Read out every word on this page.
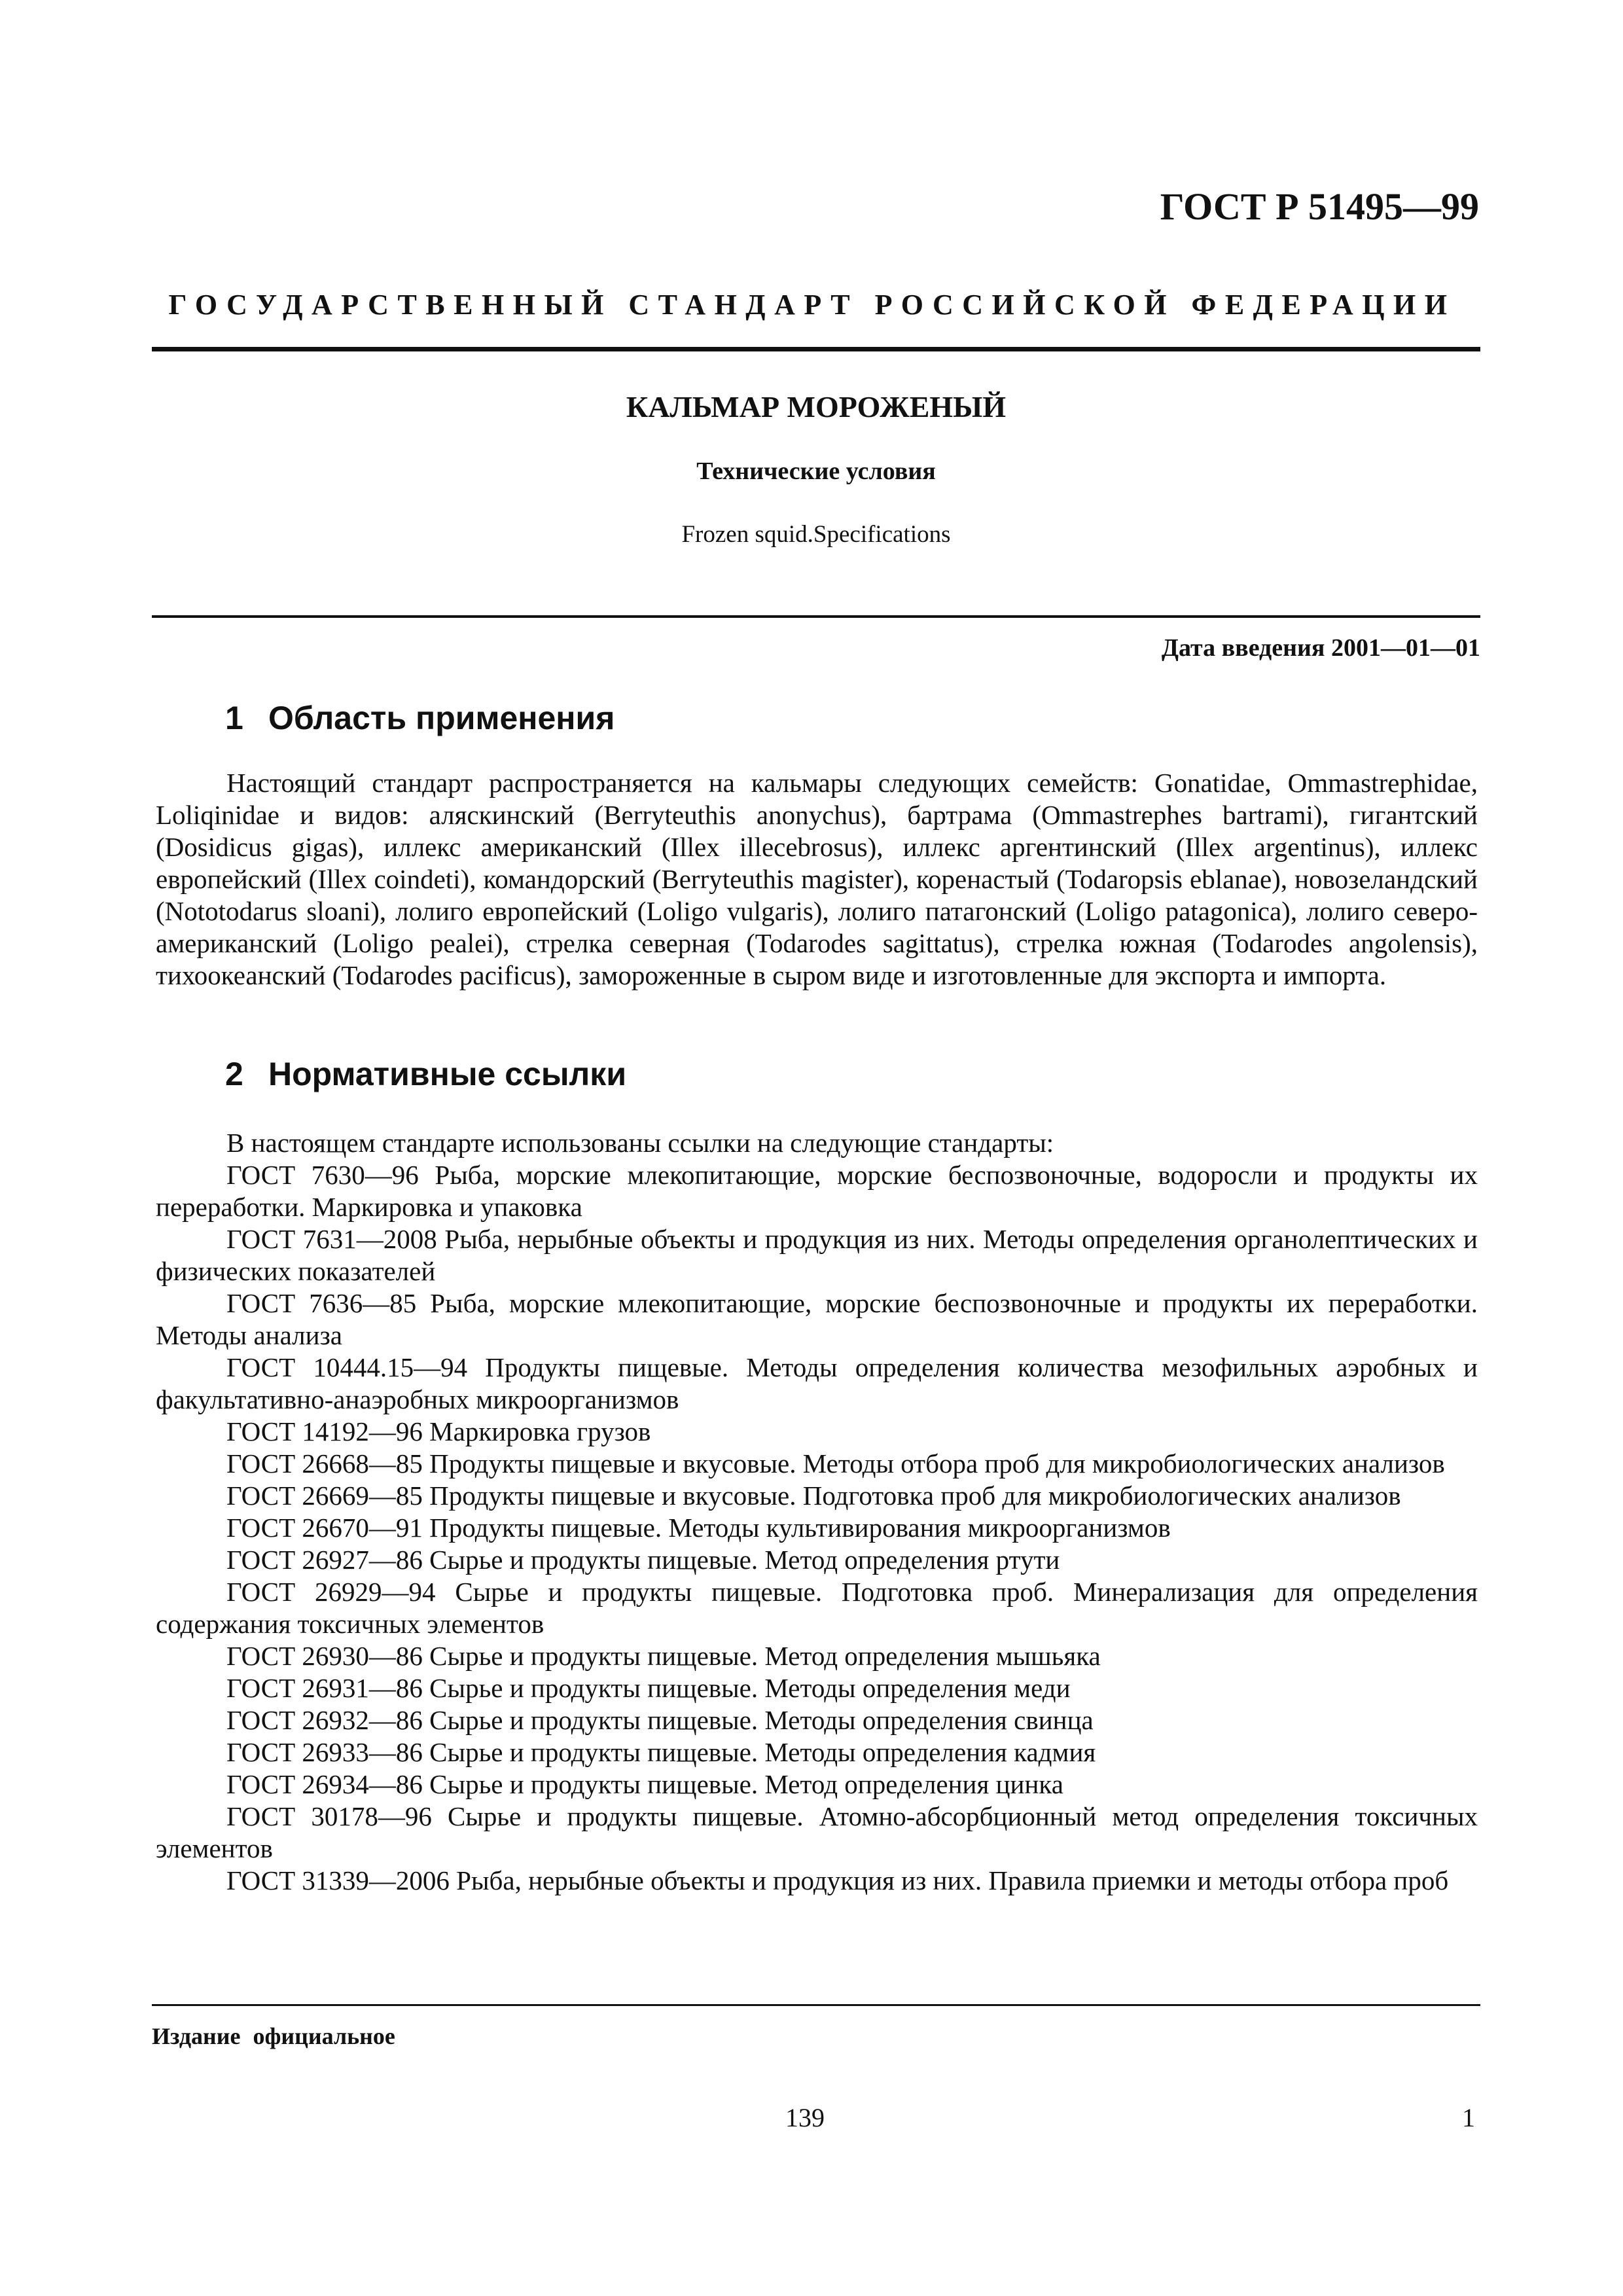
ГОСТ Р 51495—99
ГОСУДАРСТВЕННЫЙ СТАНДАРТ РОССИЙСКОЙ ФЕДЕРАЦИИ
КАЛЬМАР МОРОЖЕНЫЙ
Технические условия
Frozen squid.Specifications
Дата введения 2001—01—01
1 Область применения
Настоящий стандарт распространяется на кальмары следующих семейств: Gonatidae, Ommastrephidae, Loliqinidae и видов: аляскинский (Berryteuthis anonychus), бартрама (Ommastrephes bartrami), гигантский (Dosidicus gigas), иллекс американский (Illex illecebrosus), иллекс аргентинский (Illex argentinus), иллекс европейский (Illex coindeti), командорский (Berryteuthis magister), коренастый (Todaropsis eblanae), новозеландский (Nototodarus sloani), лолиго европейский (Loligo vulgaris), лолиго патагонский (Loligo patagonica), лолиго северо-американский (Loligo pealei), стрелка северная (Todarodes sagittatus), стрелка южная (Todarodes angolensis), тихоокеанский (Todarodes pacificus), замороженные в сыром виде и изготовленные для экспорта и импорта.
2 Нормативные ссылки
В настоящем стандарте использованы ссылки на следующие стандарты:
ГОСТ 7630—96 Рыба, морские млекопитающие, морские беспозвоночные, водоросли и продукты их переработки. Маркировка и упаковка
ГОСТ 7631—2008 Рыба, нерыбные объекты и продукция из них. Методы определения органолептических и физических показателей
ГОСТ 7636—85 Рыба, морские млекопитающие, морские беспозвоночные и продукты их переработки. Методы анализа
ГОСТ 10444.15—94 Продукты пищевые. Методы определения количества мезофильных аэробных и факультативно-анаэробных микроорганизмов
ГОСТ 14192—96 Маркировка грузов
ГОСТ 26668—85 Продукты пищевые и вкусовые. Методы отбора проб для микробиологических анализов
ГОСТ 26669—85 Продукты пищевые и вкусовые. Подготовка проб для микробиологических анализов
ГОСТ 26670—91 Продукты пищевые. Методы культивирования микроорганизмов
ГОСТ 26927—86 Сырье и продукты пищевые. Метод определения ртути
ГОСТ 26929—94 Сырье и продукты пищевые. Подготовка проб. Минерализация для определения содержания токсичных элементов
ГОСТ 26930—86 Сырье и продукты пищевые. Метод определения мышьяка
ГОСТ 26931—86 Сырье и продукты пищевые. Методы определения меди
ГОСТ 26932—86 Сырье и продукты пищевые. Методы определения свинца
ГОСТ 26933—86 Сырье и продукты пищевые. Методы определения кадмия
ГОСТ 26934—86 Сырье и продукты пищевые. Метод определения цинка
ГОСТ 30178—96 Сырье и продукты пищевые. Атомно-абсорбционный метод определения токсичных элементов
ГОСТ 31339—2006 Рыба, нерыбные объекты и продукция из них. Правила приемки и методы отбора проб
Издание официальное
139	1
